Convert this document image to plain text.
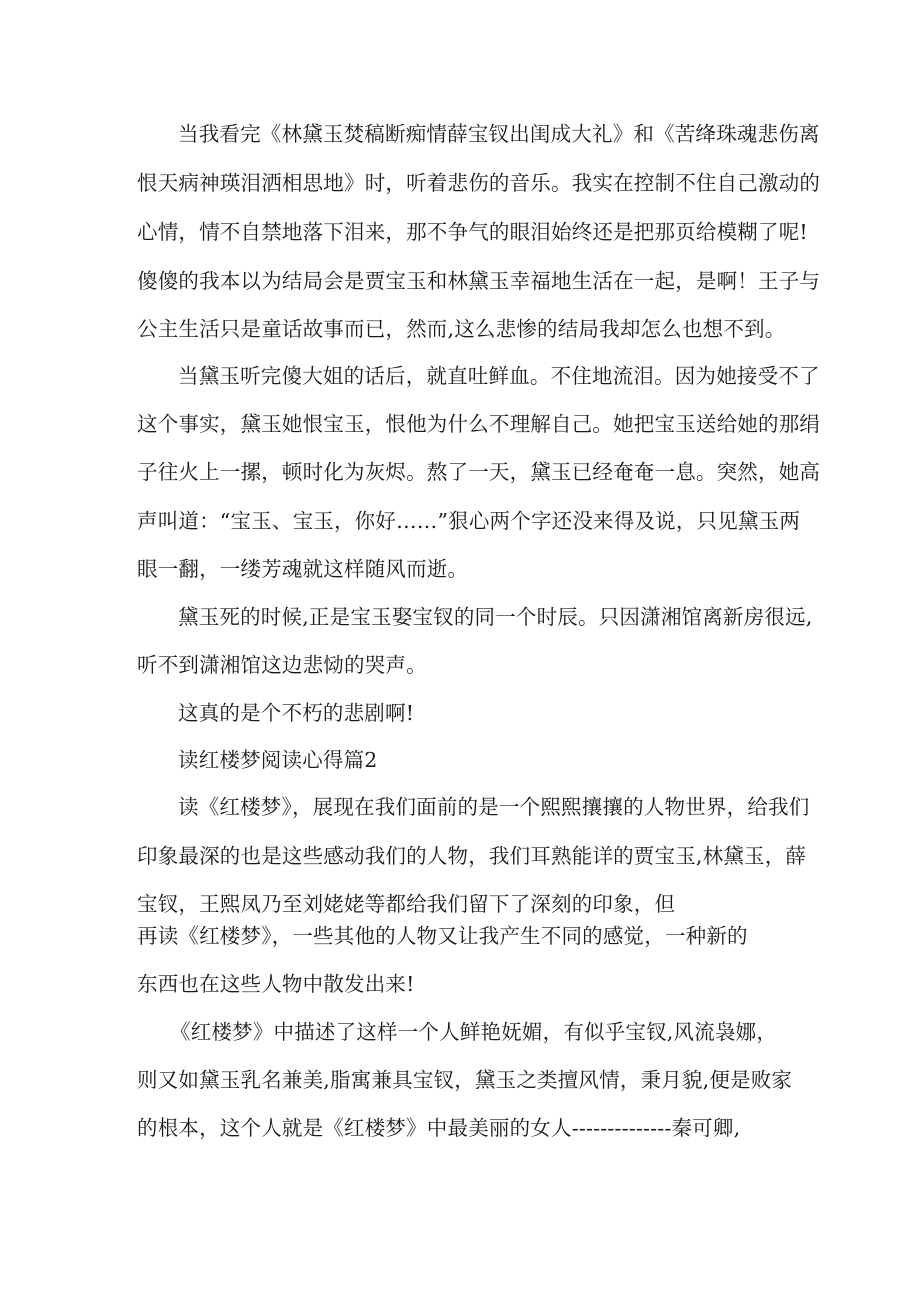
当我看完《林黛玉焚稿断痴情薛宝钗出闺成大礼》和《苦绛珠魂悲伤离

恨天病神瑛泪洒相思地》时，听着悲伤的音乐。我实在控制不住自己激动的

心情，情不自禁地落下泪来，那不争气的眼泪始终还是把那页给模糊了呢!

傻傻的我本以为结局会是贾宝玉和林黛玉幸福地生活在一起，是啊！王子与

公主生活只是童话故事而已，然而,这么悲惨的结局我却怎么也想不到。

当黛玉听完傻大姐的话后，就直吐鲜血。不住地流泪。因为她接受不了

这个事实，黛玉她恨宝玉，恨他为什么不理解自己。她把宝玉送给她的那绢

子往火上一摞，顿时化为灰烬。熬了一天，黛玉已经奄奄一息。突然，她高

声叫道：“宝玉、宝玉，你好……”狠心两个字还没来得及说，只见黛玉两

眼一翻，一缕芳魂就这样随风而逝。

黛玉死的时候,正是宝玉娶宝钗的同一个时辰。只因潇湘馆离新房很远,

听不到潇湘馆这边悲恸的哭声。

这真的是个不朽的悲剧啊!

读红楼梦阅读心得篇2

读《红楼梦》，展现在我们面前的是一个熙熙攘攘的人物世界，给我们

印象最深的也是这些感动我们的人物，我们耳熟能详的贾宝玉,林黛玉，薛

宝钗，王熙凤乃至刘姥姥等都给我们留下了深刻的印象，但

再读《红楼梦》，一些其他的人物又让我产生不同的感觉，一种新的

东西也在这些人物中散发出来!

《红楼梦》中描述了这样一个人鲜艳妩媚，有似乎宝钗,风流袅娜，

则又如黛玉乳名兼美,脂寓兼具宝钗，黛玉之类擅风情，秉月貌,便是败家

的根本，这个人就是《红楼梦》中最美丽的女人--------------秦可卿,
